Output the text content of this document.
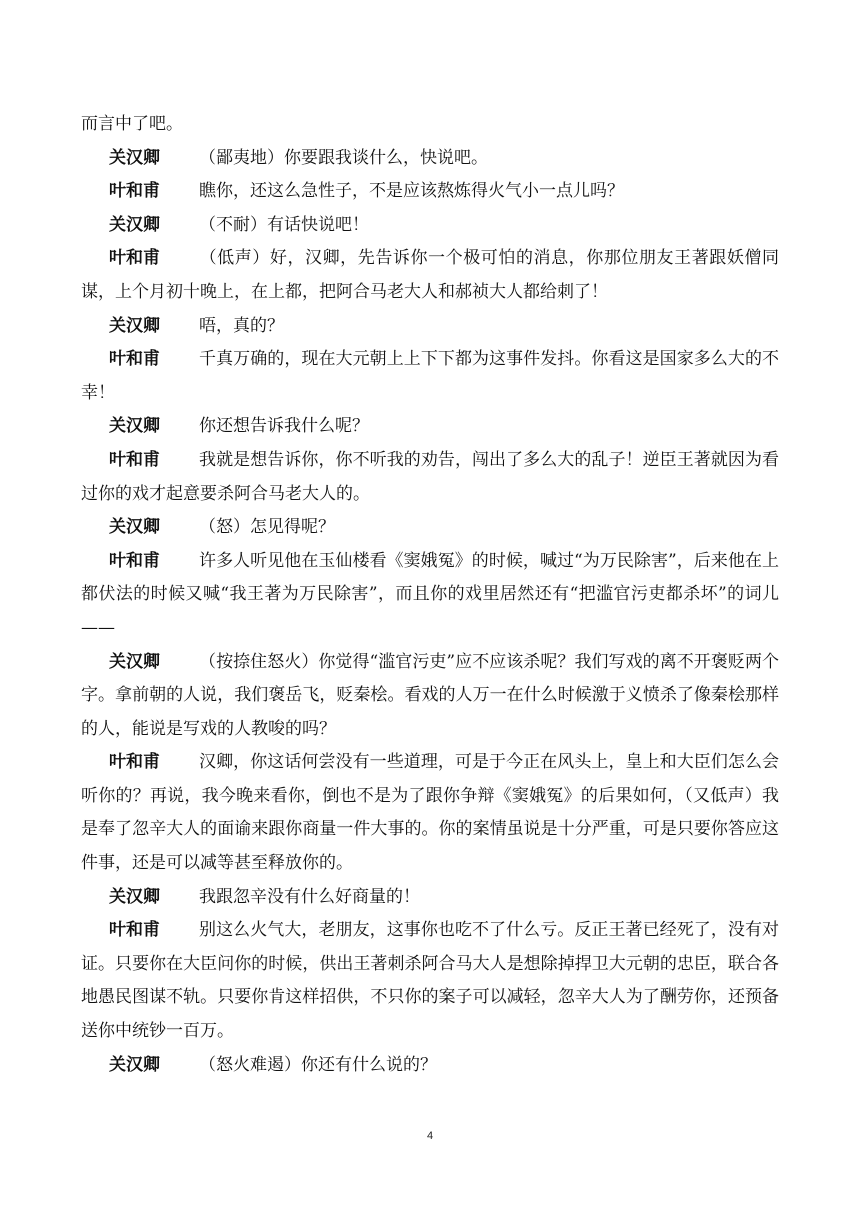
而言中了吧。

关汉卿 （鄙夷地）你要跟我谈什么，快说吧。

叶和甫 瞧你，还这么急性子，不是应该熬炼得火气小一点儿吗？

关汉卿 （不耐）有话快说吧！

叶和甫 （低声）好，汉卿，先告诉你一个极可怕的消息，你那位朋友王著跟妖僧同谋，上个月初十晚上，在上都，把阿合马老大人和郝祯大人都给刺了！

关汉卿 唔，真的？

叶和甫 千真万确的，现在大元朝上上下下都为这事件发抖。你看这是国家多么大的不幸！

关汉卿 你还想告诉我什么呢？

叶和甫 我就是想告诉你，你不听我的劝告，闯出了多么大的乱子！逆臣王著就因为看过你的戏才起意要杀阿合马老大人的。

关汉卿 （怒）怎见得呢？

叶和甫 许多人听见他在玉仙楼看《窦娥冤》的时候，喊过“为万民除害”，后来他在上都伏法的时候又喊“我王著为万民除害”，而且你的戏里居然还有“把滥官污吏都杀坏”的词儿——

关汉卿 （按捺住怒火）你觉得“滥官污吏”应不应该杀呢？我们写戏的离不开褒贬两个字。拿前朝的人说，我们褒岳飞，贬秦桧。看戏的人万一在什么时候激于义愤杀了像秦桧那样的人，能说是写戏的人教唆的吗？

叶和甫 汉卿，你这话何尝没有一些道理，可是于今正在风头上，皇上和大臣们怎么会听你的？再说，我今晚来看你，倒也不是为了跟你争辩《窦娥冤》的后果如何，（又低声）我是奉了忽辛大人的面谕来跟你商量一件大事的。你的案情虽说是十分严重，可是只要你答应这件事，还是可以减等甚至释放你的。

关汉卿 我跟忽辛没有什么好商量的！

叶和甫 别这么火气大，老朋友，这事你也吃不了什么亏。反正王著已经死了，没有对证。只要你在大臣问你的时候，供出王著刺杀阿合马大人是想除掉捍卫大元朝的忠臣，联合各地愚民图谋不轨。只要你肯这样招供，不只你的案子可以减轻，忽辛大人为了酬劳你，还预备送你中统钞一百万。

关汉卿 （怒火难遏）你还有什么说的？

4
